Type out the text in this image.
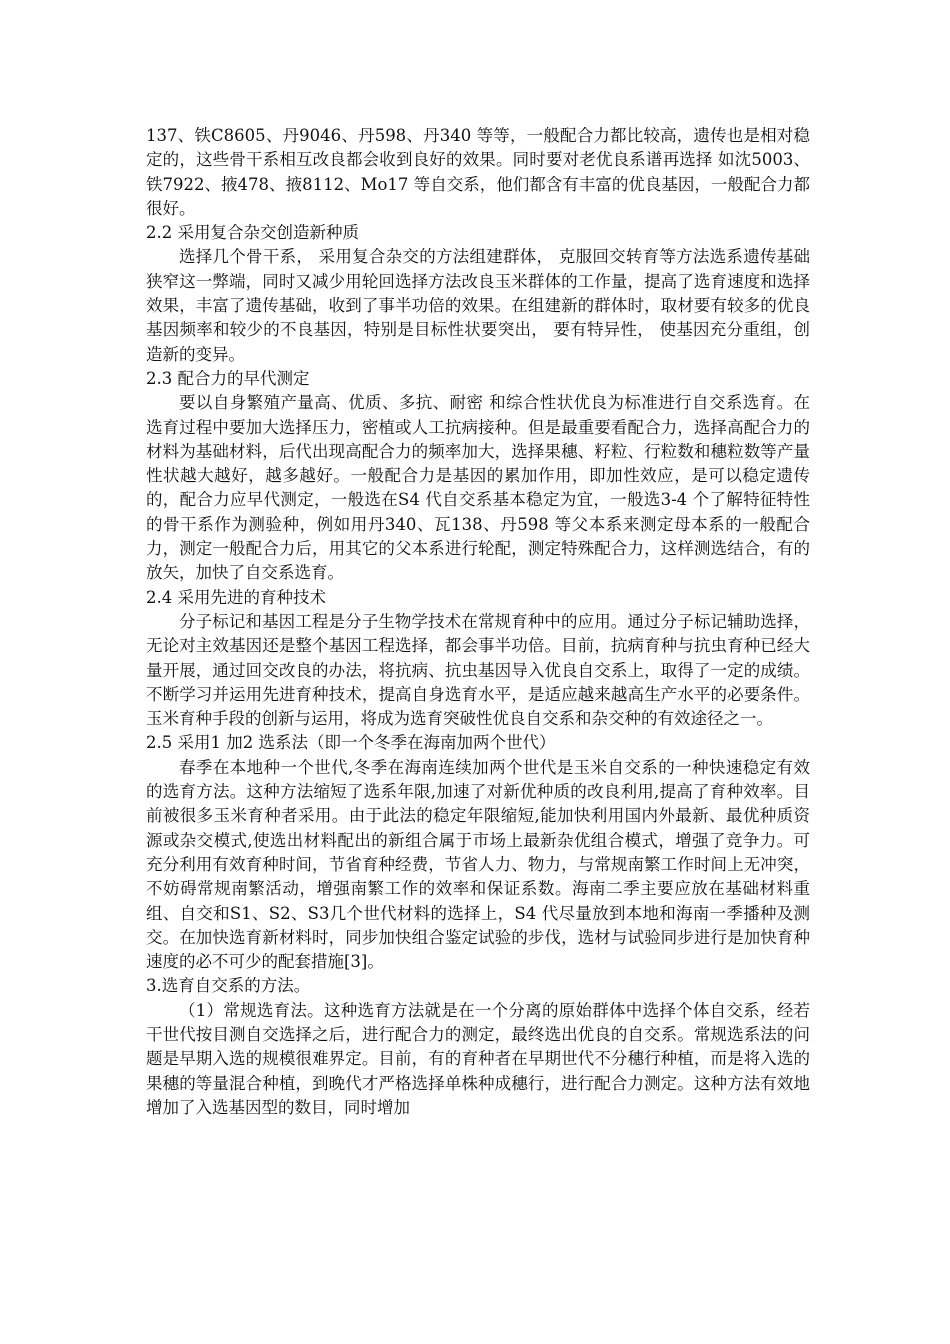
137、铁C8605、丹9046、丹598、丹340 等等，一般配合力都比较高，遗传也是相对稳定的，这些骨干系相互改良都会收到良好的效果。同时要对老优良系谱再选择 如沈5003、铁7922、掖478、掖8112、Mo17 等自交系，他们都含有丰富的优良基因，一般配合力都很好。

2.2 采用复合杂交创造新种质

选择几个骨干系， 采用复合杂交的方法组建群体， 克服回交转育等方法选系遗传基础狭窄这一弊端，同时又减少用轮回选择方法改良玉米群体的工作量，提高了选育速度和选择效果，丰富了遗传基础，收到了事半功倍的效果。在组建新的群体时，取材要有较多的优良基因频率和较少的不良基因，特别是目标性状要突出， 要有特异性， 使基因充分重组，创造新的变异。

2.3 配合力的早代测定

要以自身繁殖产量高、优质、多抗、耐密 和综合性状优良为标准进行自交系选育。在选育过程中要加大选择压力，密植或人工抗病接种。但是最重要看配合力，选择高配合力的材料为基础材料，后代出现高配合力的频率加大，选择果穗、籽粒、行粒数和穗粒数等产量性状越大越好，越多越好。一般配合力是基因的累加作用，即加性效应，是可以稳定遗传的，配合力应早代测定，一般选在S4 代自交系基本稳定为宜，一般选3-4 个了解特征特性的骨干系作为测验种，例如用丹340、瓦138、丹598 等父本系来测定母本系的一般配合力，测定一般配合力后，用其它的父本系进行轮配，测定特殊配合力，这样测选结合，有的放矢，加快了自交系选育。

2.4 采用先进的育种技术

分子标记和基因工程是分子生物学技术在常规育种中的应用。通过分子标记辅助选择，无论对主效基因还是整个基因工程选择，都会事半功倍。目前，抗病育种与抗虫育种已经大量开展，通过回交改良的办法，将抗病、抗虫基因导入优良自交系上，取得了一定的成绩。不断学习并运用先进育种技术，提高自身选育水平，是适应越来越高生产水平的必要条件。玉米育种手段的创新与运用，将成为选育突破性优良自交系和杂交种的有效途径之一。

2.5 采用1 加2 选系法（即一个冬季在海南加两个世代）

春季在本地种一个世代,冬季在海南连续加两个世代是玉米自交系的一种快速稳定有效的选育方法。这种方法缩短了选系年限,加速了对新优种质的改良利用,提高了育种效率。目前被很多玉米育种者采用。由于此法的稳定年限缩短,能加快利用国内外最新、最优种质资源或杂交模式,使选出材料配出的新组合属于市场上最新杂优组合模式，增强了竞争力。可充分利用有效育种时间，节省育种经费，节省人力、物力，与常规南繁工作时间上无冲突，不妨碍常规南繁活动，增强南繁工作的效率和保证系数。海南二季主要应放在基础材料重组、自交和S1、S2、S3几个世代材料的选择上，S4 代尽量放到本地和海南一季播种及测交。在加快选育新材料时，同步加快组合鉴定试验的步伐，选材与试验同步进行是加快育种速度的必不可少的配套措施[3]。

3.选育自交系的方法。

（1）常规选育法。这种选育方法就是在一个分离的原始群体中选择个体自交系，经若干世代按目测自交选择之后，进行配合力的测定，最终选出优良的自交系。常规选系法的问题是早期入选的规模很难界定。目前，有的育种者在早期世代不分穗行种植，而是将入选的果穗的等量混合种植，到晚代才严格选择单株种成穗行，进行配合力测定。这种方法有效地增加了入选基因型的数目，同时增加
